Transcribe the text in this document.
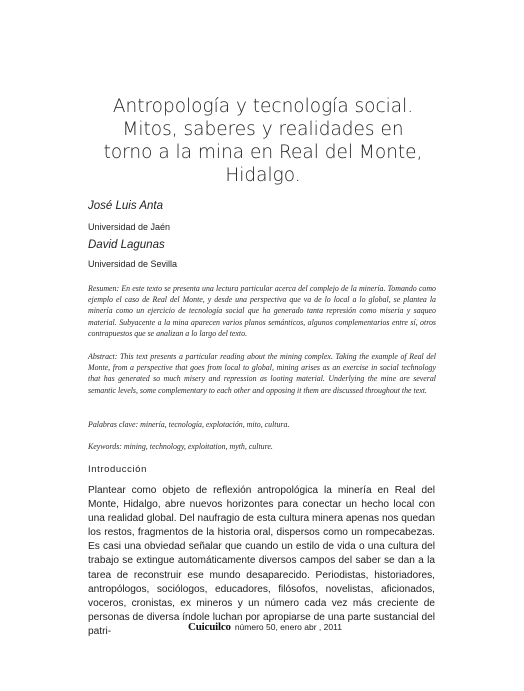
Antropología y tecnología social.
Mitos, saberes y realidades en
torno a la mina en Real del Monte,
Hidalgo.
José Luis Anta
Universidad de Jaén
David Lagunas
Universidad de Sevilla
Resumen: En este texto se presenta una lectura particular acerca del complejo de la minería. Tomando como ejemplo el caso de Real del Monte, y desde una perspectiva que va de lo local a lo global, se plantea la minería como un ejercicio de tecnología social que ha generado tanta represión como miseria y saqueo material. Subyacente a la mina aparecen varios planos semánticos, algunos complementarios entre sí, otros contrapuestos que se analizan a lo largo del texto.
Abstract: This text presents a particular reading about the mining complex. Taking the example of Real del Monte, from a perspective that goes from local to global, mining arises as an exercise in social technology that has generated so much misery and repression as looting material. Underlying the mine are several semantic levels, some complementary to each other and opposing it them are discussed throughout the text.
Palabras clave: minería, tecnología, explotación, mito, cultura.
Keywords: mining, technology, exploitation, myth, culture.
Introducción

Plantear como objeto de reflexión antropológica la minería en Real del Monte, Hidalgo, abre nuevos horizontes para conectar un hecho local con una realidad global. Del naufragio de esta cultura minera apenas nos quedan los restos, fragmentos de la historia oral, dispersos como un rompecabezas. Es casi una obviedad señalar que cuando un estilo de vida o una cultura del trabajo se extingue automáticamente diversos campos del saber se dan a la tarea de reconstruir ese mundo desaparecido. Periodistas, historiadores, antropólogos, sociólogos, educadores, filósofos, novelistas, aficionados, voceros, cronistas, ex mineros y un número cada vez más creciente de personas de diversa índole luchan por apropiarse de una parte sustancial del patri-	Cuicuilco número 50, enero abr , 2011
